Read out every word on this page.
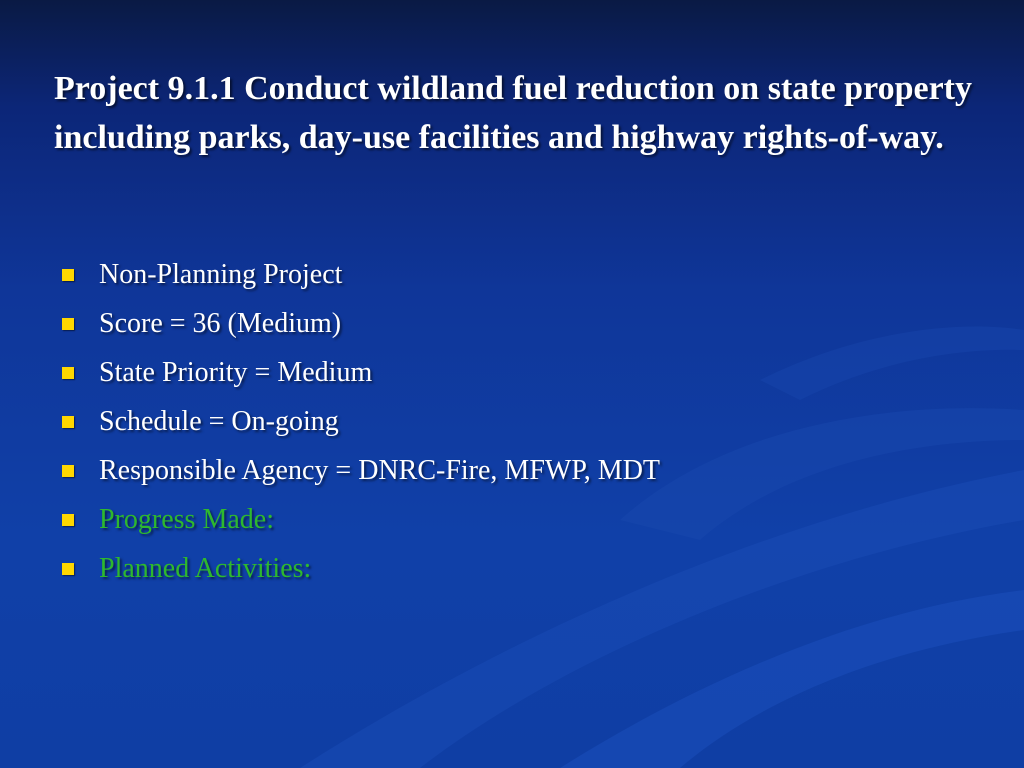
Project 9.1.1 Conduct wildland fuel reduction on state property including parks, day-use facilities and highway rights-of-way.
Non-Planning Project
Score = 36 (Medium)
State Priority = Medium
Schedule = On-going
Responsible Agency = DNRC-Fire, MFWP, MDT
Progress Made:
Planned Activities:
